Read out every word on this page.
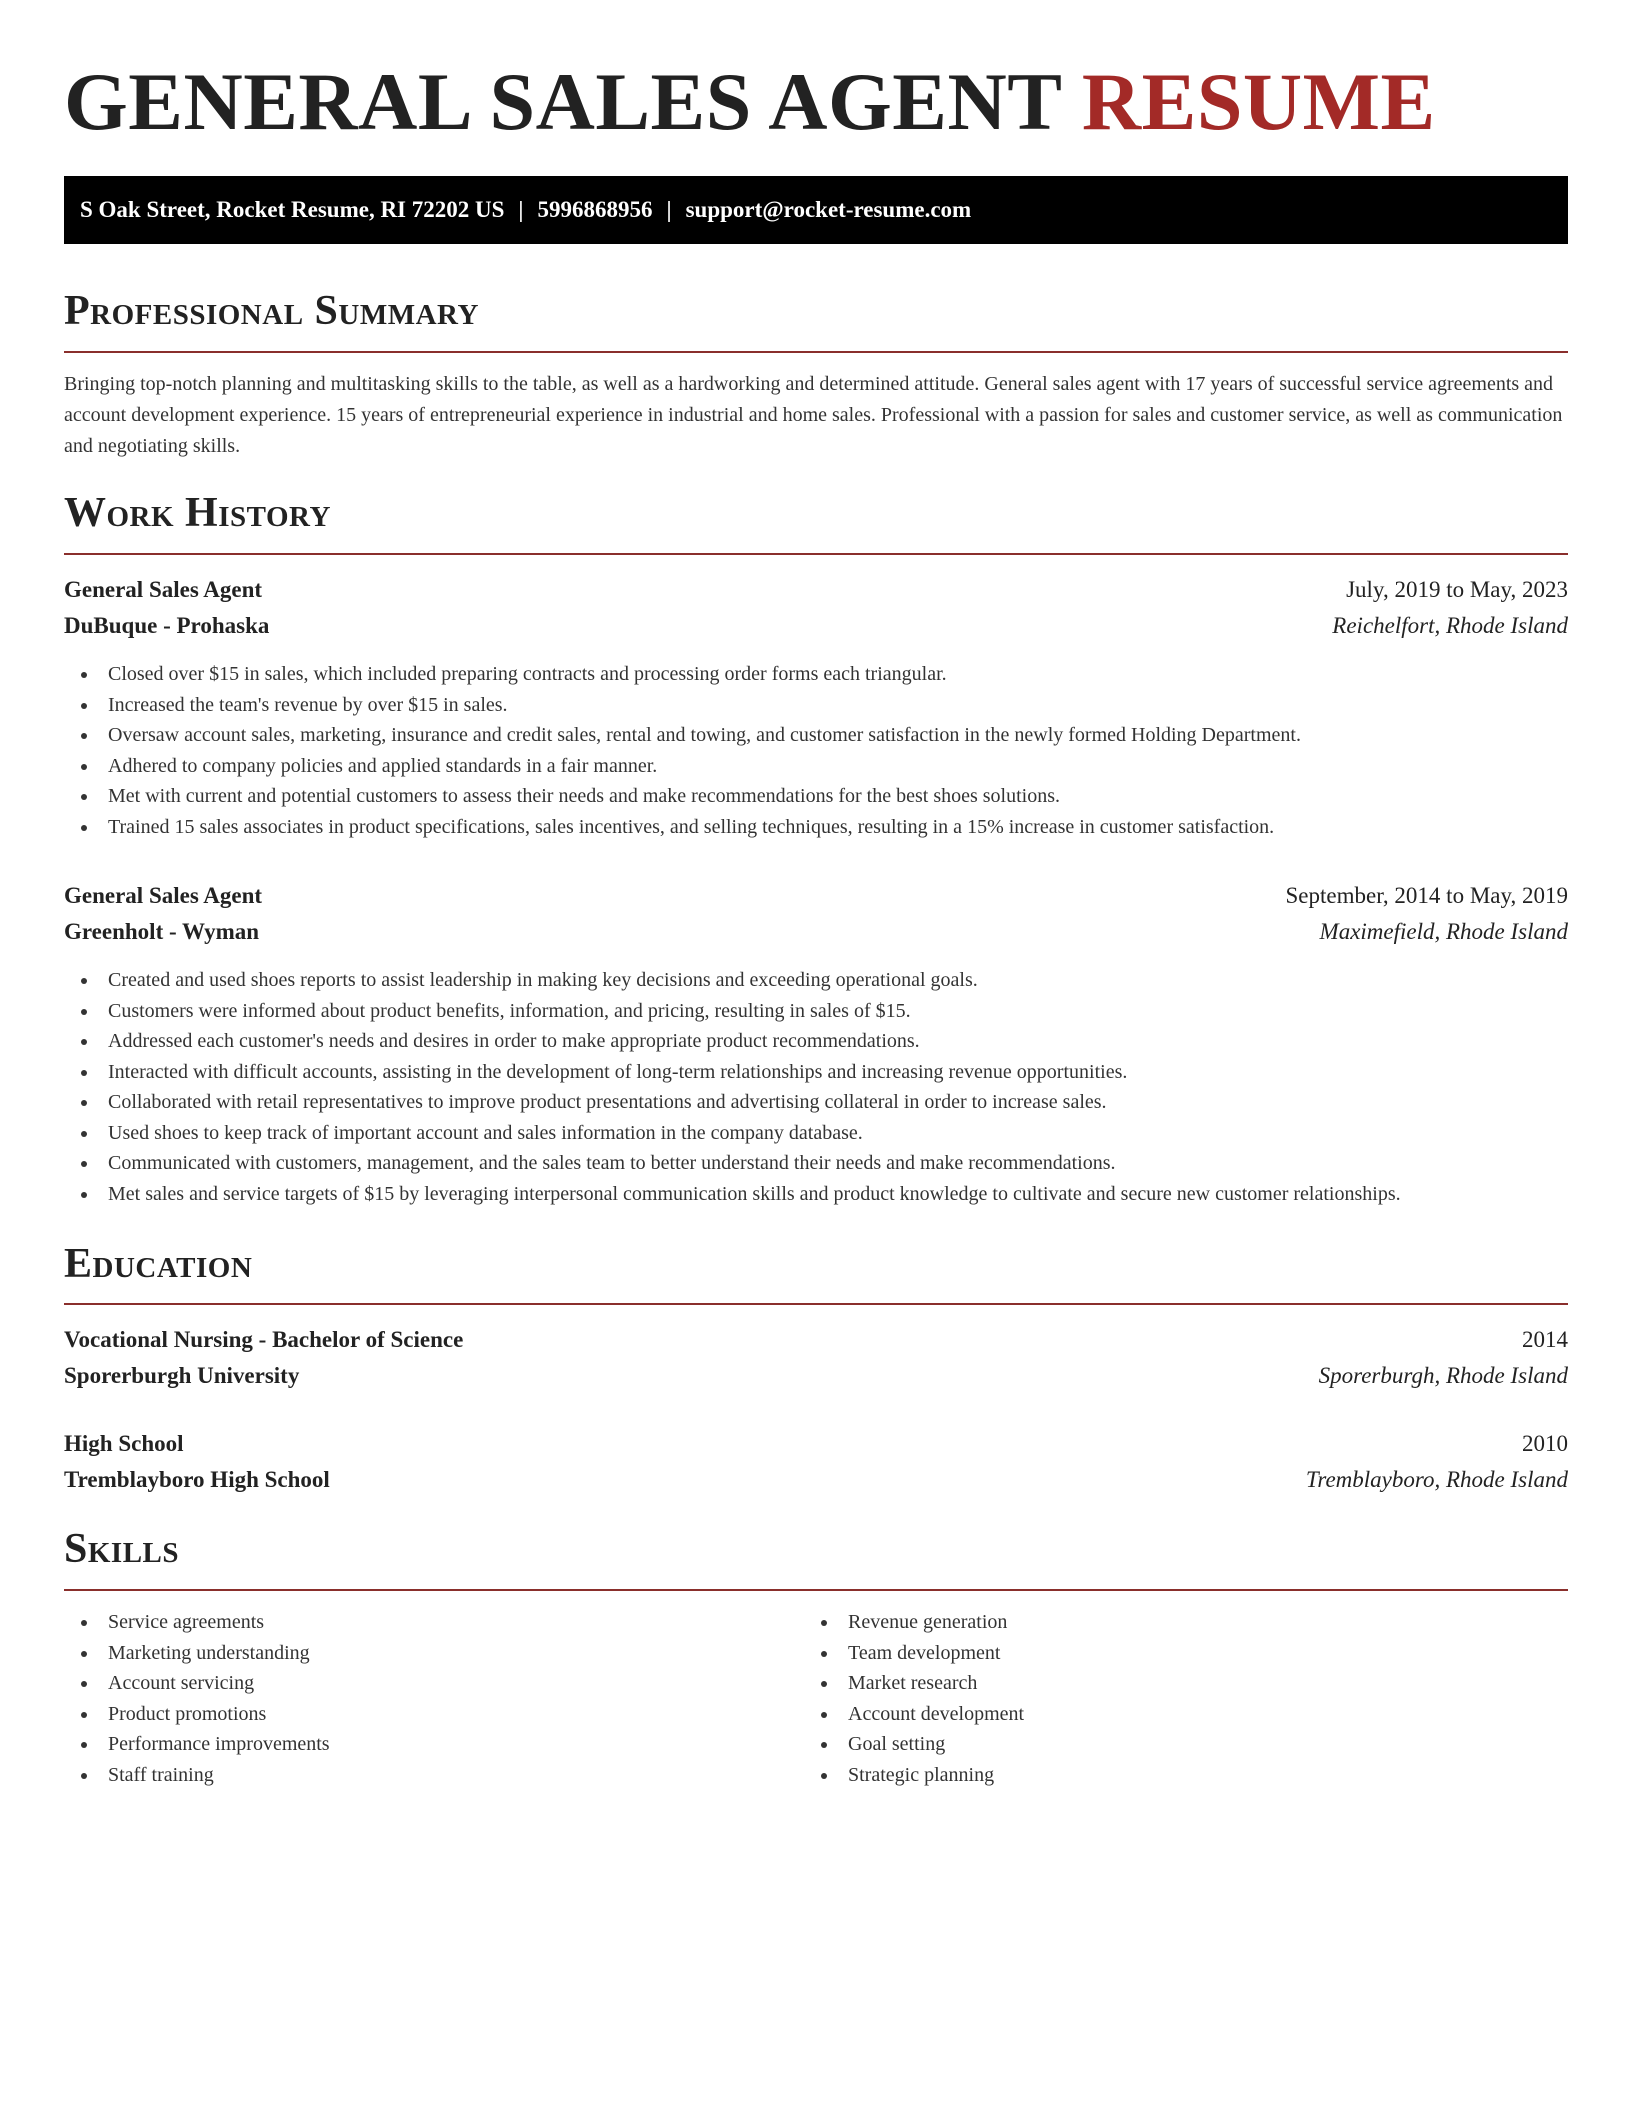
GENERAL SALES AGENT RESUME
S Oak Street, Rocket Resume, RI 72202 US | 5996868956 | support@rocket-resume.com
Professional Summary

Bringing top-notch planning and multitasking skills to the table, as well as a hardworking and determined attitude. General sales agent with 17 years of successful service agreements and account development experience. 15 years of entrepreneurial experience in industrial and home sales. Professional with a passion for sales and customer service, as well as communication and negotiating skills.

Work History
General Sales Agent	July, 2019 to May, 2023
DuBuque - Prohaska	Reichelfort, Rhode Island
Closed over $15 in sales, which included preparing contracts and processing order forms each triangular.
Increased the team's revenue by over $15 in sales.
Oversaw account sales, marketing, insurance and credit sales, rental and towing, and customer satisfaction in the newly formed Holding Department.
Adhered to company policies and applied standards in a fair manner.
Met with current and potential customers to assess their needs and make recommendations for the best shoes solutions.
Trained 15 sales associates in product specifications, sales incentives, and selling techniques, resulting in a 15% increase in customer satisfaction.
General Sales Agent	September, 2014 to May, 2019
Greenholt - Wyman	Maximefield, Rhode Island
Created and used shoes reports to assist leadership in making key decisions and exceeding operational goals.
Customers were informed about product benefits, information, and pricing, resulting in sales of $15.
Addressed each customer's needs and desires in order to make appropriate product recommendations.
Interacted with difficult accounts, assisting in the development of long-term relationships and increasing revenue opportunities.
Collaborated with retail representatives to improve product presentations and advertising collateral in order to increase sales.
Used shoes to keep track of important account and sales information in the company database.
Communicated with customers, management, and the sales team to better understand their needs and make recommendations.
Met sales and service targets of $15 by leveraging interpersonal communication skills and product knowledge to cultivate and secure new customer relationships.
Education
Vocational Nursing - Bachelor of Science	2014
Sporerburgh University	Sporerburgh, Rhode Island
High School	2010
Tremblayboro High School	Tremblayboro, Rhode Island
Skills
Service agreements
Marketing understanding
Account servicing
Product promotions
Performance improvements
Staff training
Revenue generation
Team development
Market research
Account development
Goal setting
Strategic planning
